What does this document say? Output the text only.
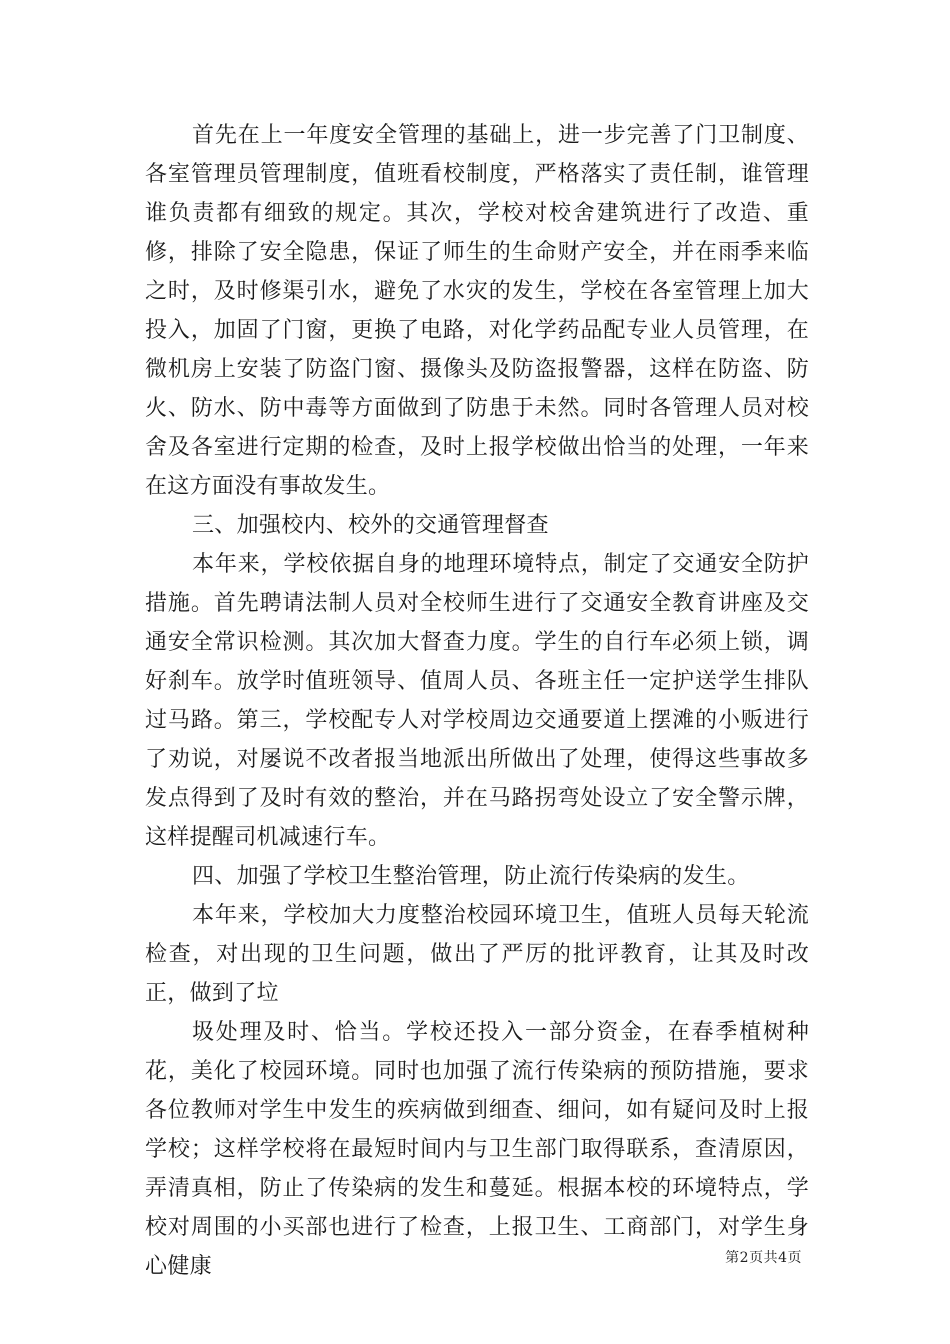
首先在上一年度安全管理的基础上，进一步完善了门卫制度、各室管理员管理制度，值班看校制度，严格落实了责任制，谁管理谁负责都有细致的规定。其次，学校对校舍建筑进行了改造、重修，排除了安全隐患，保证了师生的生命财产安全，并在雨季来临之时，及时修渠引水，避免了水灾的发生，学校在各室管理上加大投入，加固了门窗，更换了电路，对化学药品配专业人员管理，在微机房上安装了防盗门窗、摄像头及防盗报警器，这样在防盗、防火、防水、防中毒等方面做到了防患于未然。同时各管理人员对校舍及各室进行定期的检查，及时上报学校做出恰当的处理，一年来在这方面没有事故发生。

三、加强校内、校外的交通管理督查

本年来，学校依据自身的地理环境特点，制定了交通安全防护措施。首先聘请法制人员对全校师生进行了交通安全教育讲座及交通安全常识检测。其次加大督查力度。学生的自行车必须上锁，调好刹车。放学时值班领导、值周人员、各班主任一定护送学生排队过马路。第三，学校配专人对学校周边交通要道上摆滩的小贩进行了劝说，对屡说不改者报当地派出所做出了处理，使得这些事故多发点得到了及时有效的整治，并在马路拐弯处设立了安全警示牌，这样提醒司机减速行车。

四、加强了学校卫生整治管理，防止流行传染病的发生。

本年来，学校加大力度整治校园环境卫生，值班人员每天轮流检查，对出现的卫生问题，做出了严厉的批评教育，让其及时改正，做到了垃

圾处理及时、恰当。学校还投入一部分资金，在春季植树种花，美化了校园环境。同时也加强了流行传染病的预防措施，要求各位教师对学生中发生的疾病做到细查、细问，如有疑问及时上报学校；这样学校将在最短时间内与卫生部门取得联系，查清原因，弄清真相，防止了传染病的发生和蔓延。根据本校的环境特点，学校对周围的小买部也进行了检查，上报卫生、工商部门，对学生身心健康	第2页共4页
